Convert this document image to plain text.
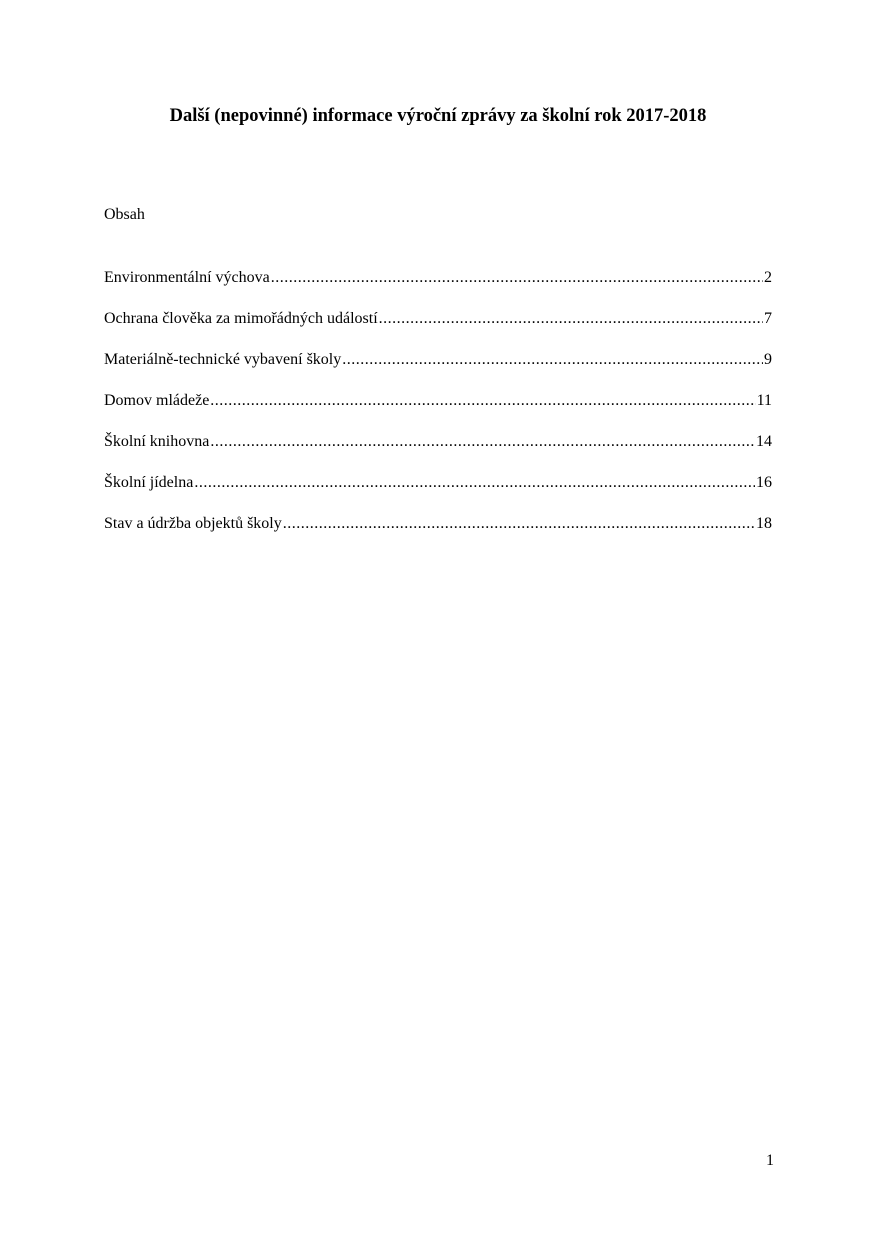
Další (nepovinné) informace výroční zprávy za školní rok 2017-2018
Obsah
Environmentální výchova .....	2
Ochrana člověka za mimořádných událostí .....	7
Materiálně-technické vybavení školy .....	9
Domov mládeže .....	11
Školní knihovna .....	14
Školní jídelna .....	16
Stav a údržba objektů školy .....	18
1
